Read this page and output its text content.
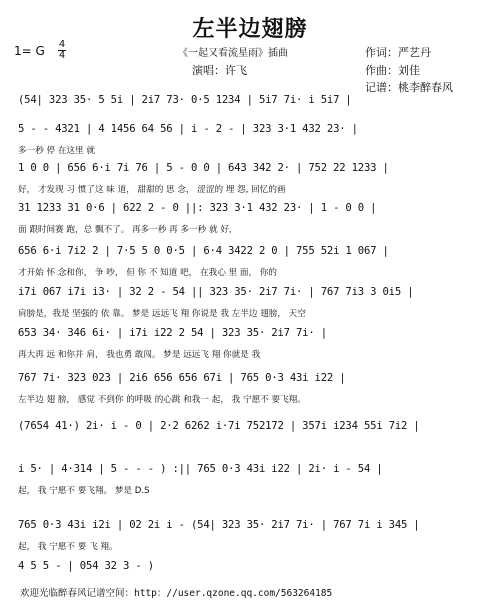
左半边翅膀
1= G 4
4	《一起又看流星雨》插曲
演唱：许飞
作词：严艺丹
作曲：刘佳
记谱：桃李醉春风
(54| 323 35· 5 5i | 2i7 73· 0·5 1234 | 5i7 7i· i 5i7 |
5 - - 4321 | 4 1456 64 56 | i - 2 - | 323 3·1 432 23· |
多一秒 停 在这里 就
1 0 0 | 656 6·i 7i 76 | 5 - 0 0 | 643 342 2· | 752 22 1233 |
好， 才发现 习 惯了这 味 道， 甜甜的 思 念， 涩涩的 埋 怨, 回忆的画
31 1233 31 0·6 | 622 2 - 0 ||: 323 3·1 432 23· | 1 - 0 0 |
面 跟时间赛 跑，总 飘不了。 再多一秒 再 多一秒 就 好，
656 6·i 7i2 2 | 7·5 5 0 0·5 | 6·4 3422 2 0 | 755 52i 1 067 |
才开始 怀 念和你， 争 吵， 但 你 不 知道 吧， 在我心 里 面， 你的
i7i 067 i7i i3· | 32 2 - 54 || 323 35· 2i7 7i· | 767 7i3 3 0i5 |
肩膀是，我是 坚强的 依 靠。 梦是 远远飞 翔 你说是 我 左半边 翅膀， 天空
653 34· 346 6i· | i7i i22 2 54 | 323 35· 2i7 7i· |
再大再 远 和你并 肩， 我也勇 敢闯。 梦是 远远飞 翔 你就是 我
767 7i· 323 023 | 2i6 656 656 67i | 765 0·3 43i i22 |
左半边 翅 膀， 感觉 不到你 的呼吸 的心跳 和我一 起， 我 宁愿不 要飞翔。
(7654 41·) 2i· i - 0 | 2·2 6262 i·7i 752172 | 357i i234 55i 7i2 |
i 5· | 4·314 | 5 - - - ) :|| 765 0·3 43i i22 | 2i· i - 54 |
起， 我 宁愿不 要飞翔。 梦是 D.S
765 0·3 43i i2i | 02 2i i - (54| 323 35· 2i7 7i· | 767 7i i 345 |
起， 我 宁愿不 要 飞 翔。
4 5 5 - | 054 32 3 - )
欢迎光临醉春风记谱空间：http：//user.qzone.qq.com/563264185
